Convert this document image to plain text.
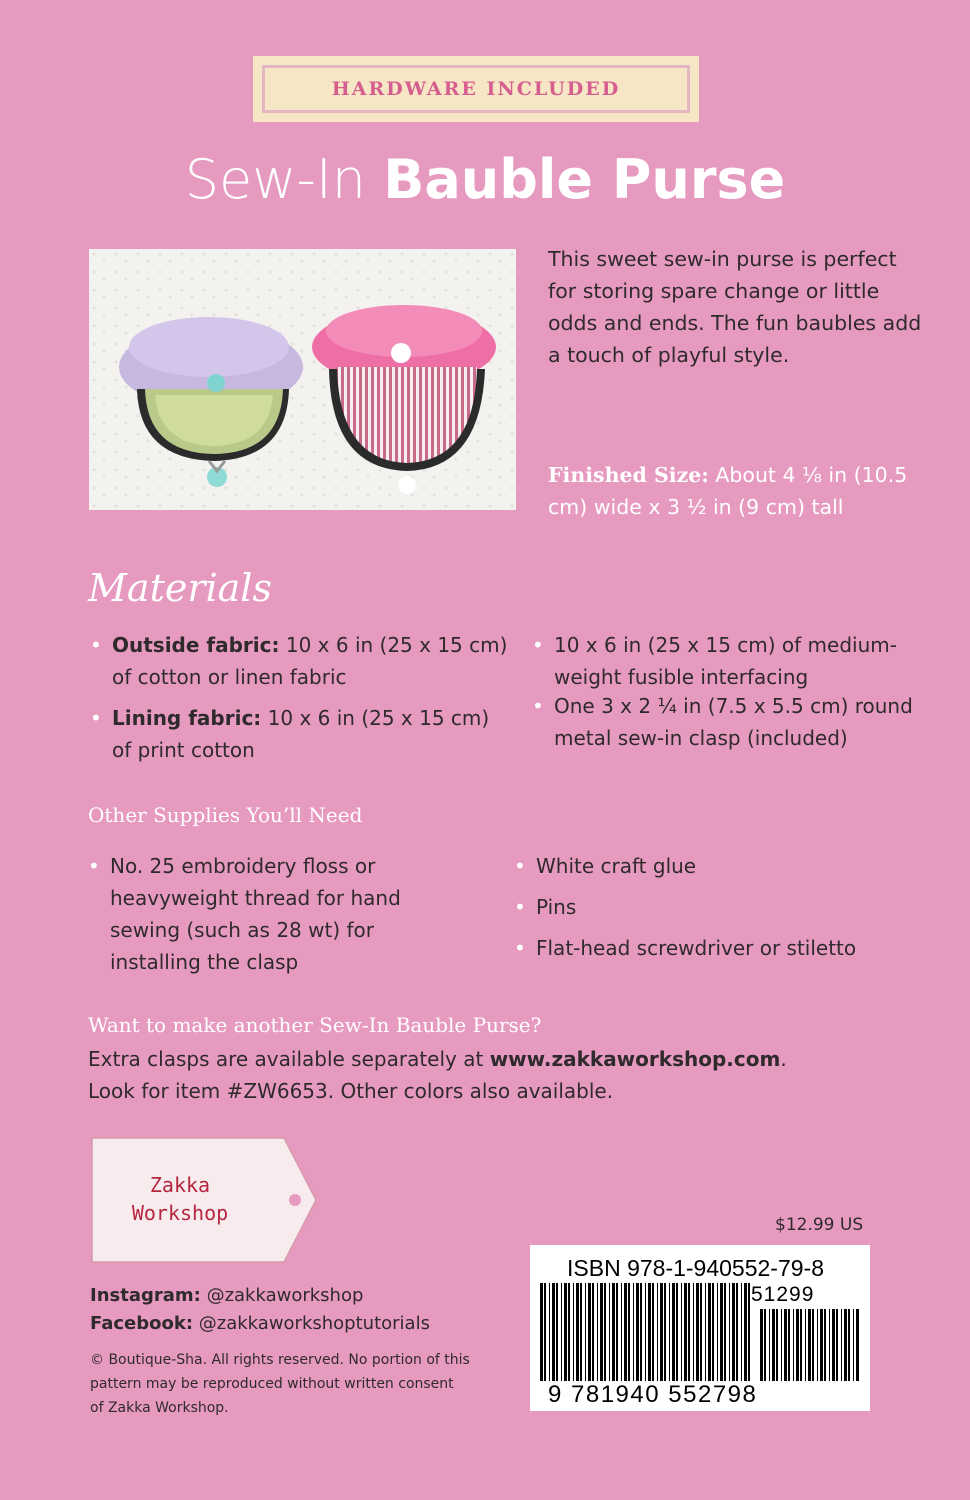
HARDWARE INCLUDED
Sew-In Bauble Purse
This sweet sew-in purse is perfect for storing spare change or little odds and ends. The fun baubles add a touch of playful style.
Finished Size: About 4 ⅛ in (10.5 cm) wide x 3 ½ in (9 cm) tall
Materials
• Outside fabric: 10 x 6 in (25 x 15 cm) of cotton or linen fabric
• Lining fabric: 10 x 6 in (25 x 15 cm) of print cotton
• 10 x 6 in (25 x 15 cm) of medium-weight fusible interfacing
• One 3 x 2 ¼ in (7.5 x 5.5 cm) round metal sew-in clasp (included)
Other Supplies You’ll Need
• No. 25 embroidery floss or heavyweight thread for hand sewing (such as 28 wt) for installing the clasp
• White craft glue
• Pins
• Flat-head screwdriver or stiletto
Want to make another Sew-In Bauble Purse?
Extra clasps are available separately at www.zakkaworkshop.com.
Look for item #ZW6653. Other colors also available.
Zakka
Workshop
Instagram: @zakkaworkshop
Facebook: @zakkaworkshoptutorials
© Boutique-Sha. All rights reserved. No portion of this pattern may be reproduced without written consent of Zakka Workshop.
$12.99 US
ISBN 978-1-940552-79-8
51299
9 781940 552798
